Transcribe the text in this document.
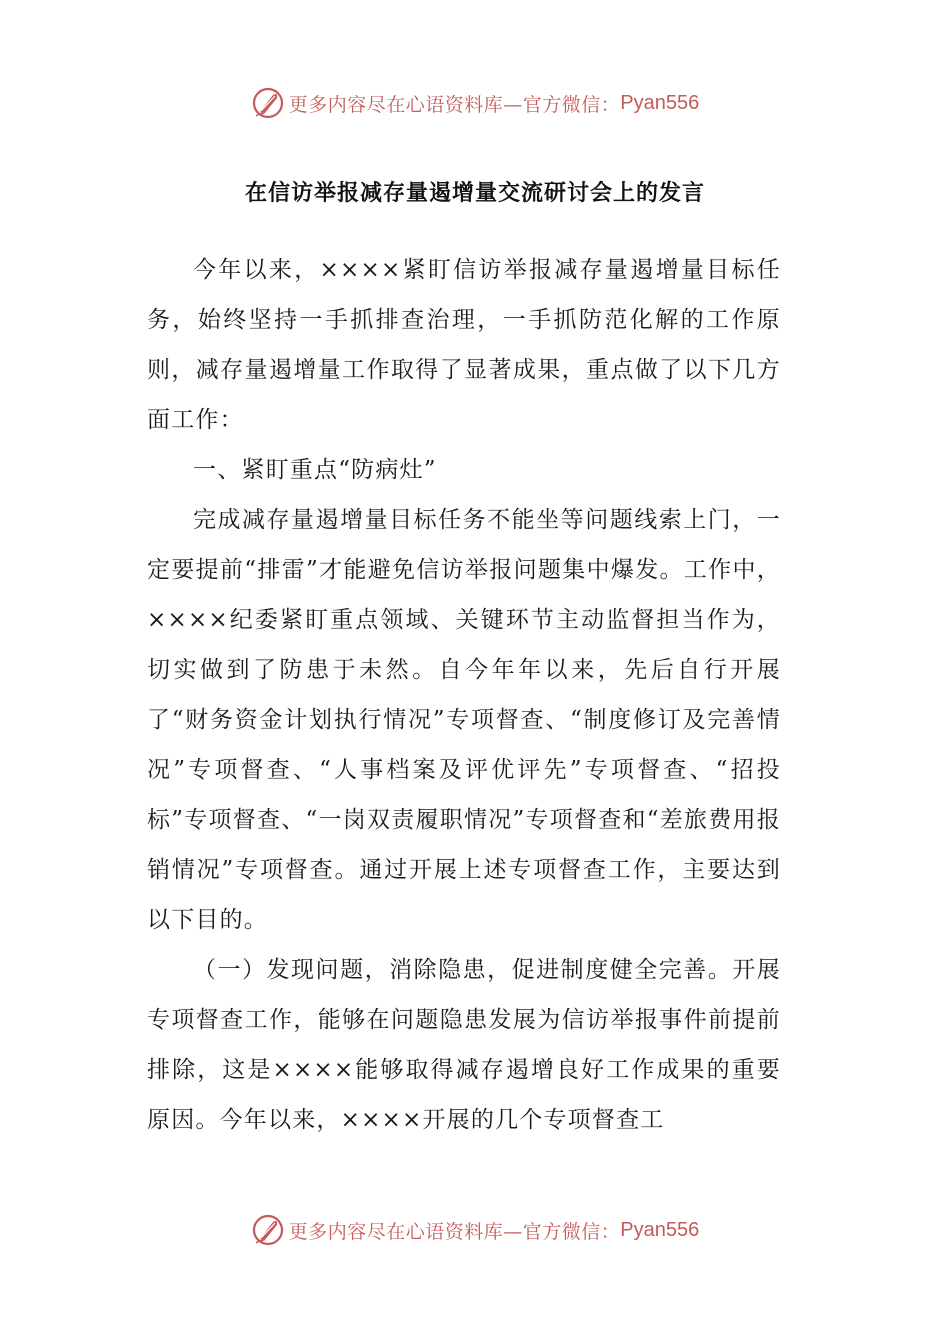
更多内容尽在心语资料库—官方微信： Pyan556
在信访举报减存量遏增量交流研讨会上的发言

今年以来，××××紧盯信访举报减存量遏增量目标任务，始终坚持一手抓排查治理，一手抓防范化解的工作原则，减存量遏增量工作取得了显著成果，重点做了以下几方面工作：

一、紧盯重点“防病灶”

完成减存量遏增量目标任务不能坐等问题线索上门，一定要提前“排雷”才能避免信访举报问题集中爆发。工作中，××××纪委紧盯重点领域、关键环节主动监督担当作为，切实做到了防患于未然。自今年年以来，先后自行开展了“财务资金计划执行情况”专项督查、“制度修订及完善情况”专项督查、“人事档案及评优评先”专项督查、“招投标”专项督查、“一岗双责履职情况”专项督查和“差旅费用报销情况”专项督查。通过开展上述专项督查工作，主要达到以下目的。

（一）发现问题，消除隐患，促进制度健全完善。开展专项督查工作，能够在问题隐患发展为信访举报事件前提前排除，这是××××能够取得减存遏增良好工作成果的重要原因。今年以来，××××开展的几个专项督查工

更多内容尽在心语资料库—官方微信： Pyan556
